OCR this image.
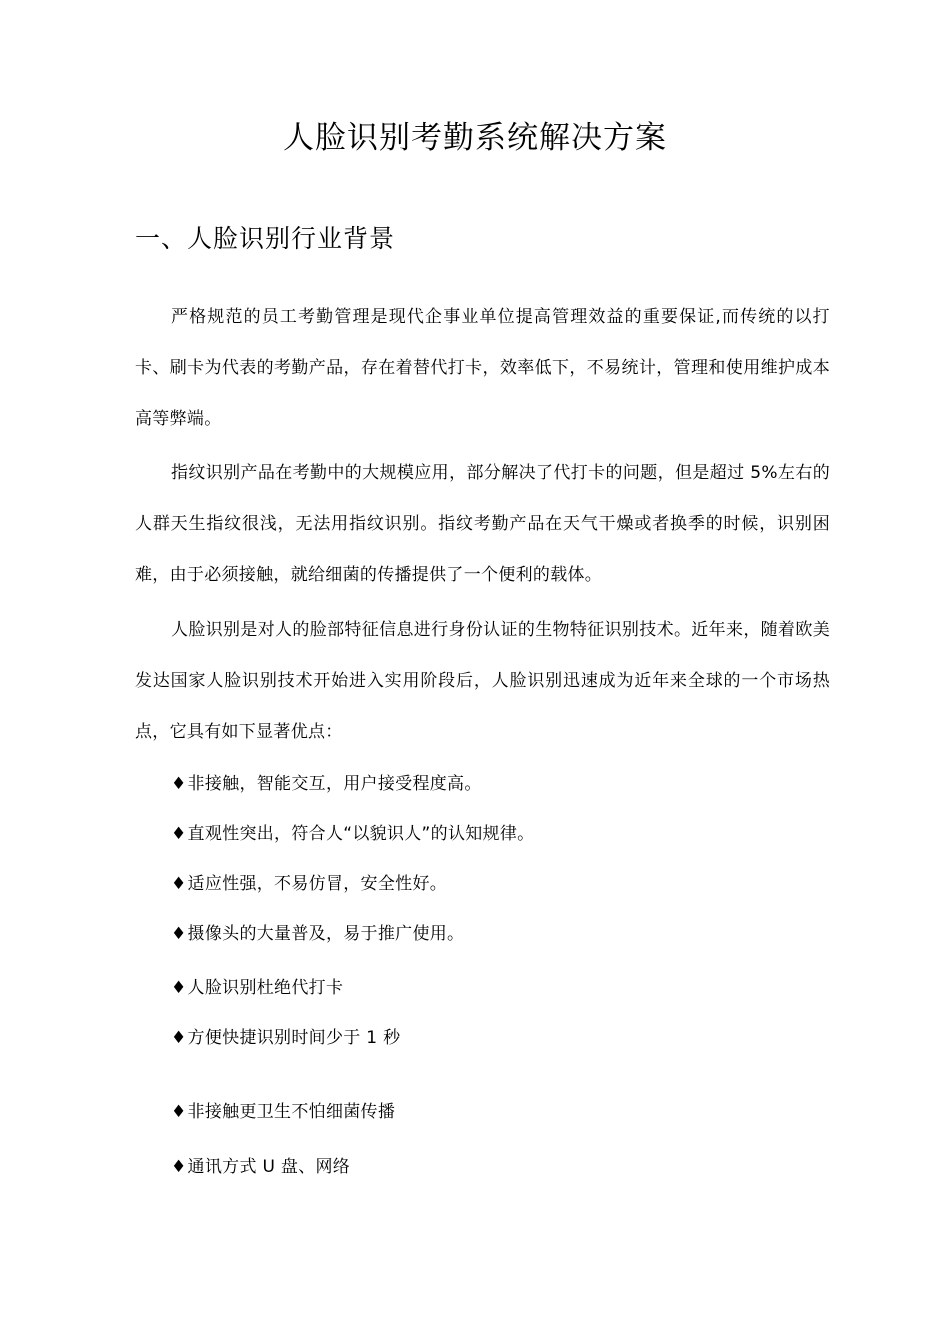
人脸识别考勤系统解决方案
一、人脸识别行业背景

严格规范的员工考勤管理是现代企事业单位提高管理效益的重要保证,而传统的以打卡、刷卡为代表的考勤产品，存在着替代打卡，效率低下，不易统计，管理和使用维护成本高等弊端。

指纹识别产品在考勤中的大规模应用，部分解决了代打卡的问题，但是超过 5%左右的人群天生指纹很浅，无法用指纹识别。指纹考勤产品在天气干燥或者换季的时候，识别困难，由于必须接触，就给细菌的传播提供了一个便利的载体。

人脸识别是对人的脸部特征信息进行身份认证的生物特征识别技术。近年来，随着欧美发达国家人脸识别技术开始进入实用阶段后，人脸识别迅速成为近年来全球的一个市场热点，它具有如下显著优点：

♦非接触，智能交互，用户接受程度高。

♦直观性突出，符合人“以貌识人”的认知规律。

♦适应性强，不易仿冒，安全性好。

♦摄像头的大量普及，易于推广使用。

♦人脸识别杜绝代打卡

♦方便快捷识别时间少于 1 秒

♦非接触更卫生不怕细菌传播

♦通讯方式 U 盘、网络
